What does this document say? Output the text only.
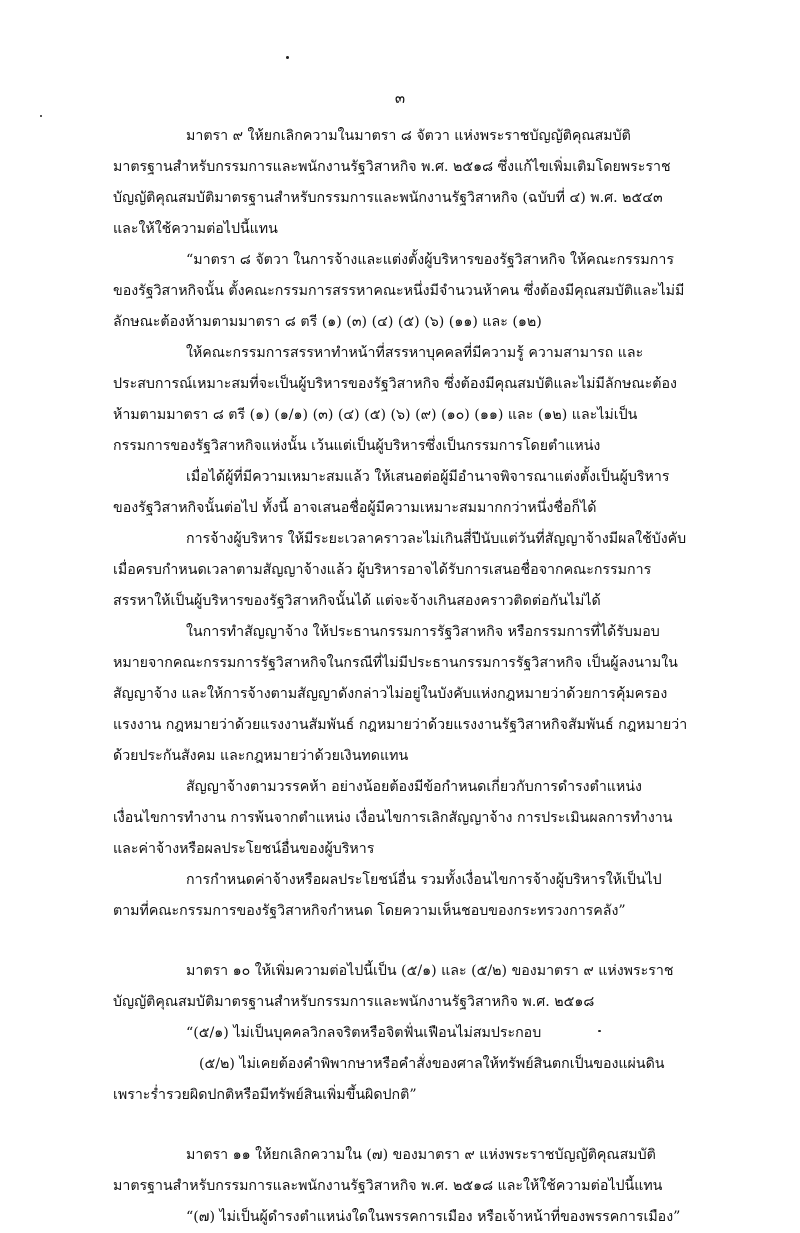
๓

มาตรา ๙ ให้ยกเลิกความในมาตรา ๘ จัตวา แห่งพระราชบัญญัติคุณสมบัติมาตรฐานสำหรับกรรมการและพนักงานรัฐวิสาหกิจ พ.ศ. ๒๕๑๘ ซึ่งแก้ไขเพิ่มเติมโดยพระราชบัญญัติคุณสมบัติมาตรฐานสำหรับกรรมการและพนักงานรัฐวิสาหกิจ (ฉบับที่ ๔) พ.ศ. ๒๕๔๓ และให้ใช้ความต่อไปนี้แทน

“มาตรา ๘ จัตวา ในการจ้างและแต่งตั้งผู้บริหารของรัฐวิสาหกิจ ให้คณะกรรมการของรัฐวิสาหกิจนั้น ตั้งคณะกรรมการสรรหาคณะหนึ่งมีจำนวนห้าคน ซึ่งต้องมีคุณสมบัติและไม่มีลักษณะต้องห้ามตามมาตรา ๘ ตรี (๑) (๓) (๔) (๕) (๖) (๑๑) และ (๑๒)

ให้คณะกรรมการสรรหาทำหน้าที่สรรหาบุคคลที่มีความรู้ ความสามารถ และประสบการณ์เหมาะสมที่จะเป็นผู้บริหารของรัฐวิสาหกิจ ซึ่งต้องมีคุณสมบัติและไม่มีลักษณะต้องห้ามตามมาตรา ๘ ตรี (๑) (๑/๑) (๓) (๔) (๕) (๖) (๙) (๑๐) (๑๑) และ (๑๒) และไม่เป็นกรรมการของรัฐวิสาหกิจแห่งนั้น เว้นแต่เป็นผู้บริหารซึ่งเป็นกรรมการโดยตำแหน่ง

เมื่อได้ผู้ที่มีความเหมาะสมแล้ว ให้เสนอต่อผู้มีอำนาจพิจารณาแต่งตั้งเป็นผู้บริหารของรัฐวิสาหกิจนั้นต่อไป ทั้งนี้ อาจเสนอชื่อผู้มีความเหมาะสมมากกว่าหนึ่งชื่อก็ได้

การจ้างผู้บริหาร ให้มีระยะเวลาคราวละไม่เกินสี่ปีนับแต่วันที่สัญญาจ้างมีผลใช้บังคับ เมื่อครบกำหนดเวลาตามสัญญาจ้างแล้ว ผู้บริหารอาจได้รับการเสนอชื่อจากคณะกรรมการสรรหาให้เป็นผู้บริหารของรัฐวิสาหกิจนั้นได้ แต่จะจ้างเกินสองคราวติดต่อกันไม่ได้

ในการทำสัญญาจ้าง ให้ประธานกรรมการรัฐวิสาหกิจ หรือกรรมการที่ได้รับมอบหมายจากคณะกรรมการรัฐวิสาหกิจในกรณีที่ไม่มีประธานกรรมการรัฐวิสาหกิจ เป็นผู้ลงนามในสัญญาจ้าง และให้การจ้างตามสัญญาดังกล่าวไม่อยู่ในบังคับแห่งกฎหมายว่าด้วยการคุ้มครองแรงงาน กฎหมายว่าด้วยแรงงานสัมพันธ์ กฎหมายว่าด้วยแรงงานรัฐวิสาหกิจสัมพันธ์ กฎหมายว่าด้วยประกันสังคม และกฎหมายว่าด้วยเงินทดแทน

สัญญาจ้างตามวรรคห้า อย่างน้อยต้องมีข้อกำหนดเกี่ยวกับการดำรงตำแหน่ง เงื่อนไขการทำงาน การพ้นจากตำแหน่ง เงื่อนไขการเลิกสัญญาจ้าง การประเมินผลการทำงาน และค่าจ้างหรือผลประโยชน์อื่นของผู้บริหาร

การกำหนดค่าจ้างหรือผลประโยชน์อื่น รวมทั้งเงื่อนไขการจ้างผู้บริหารให้เป็นไปตามที่คณะกรรมการของรัฐวิสาหกิจกำหนด โดยความเห็นชอบของกระทรวงการคลัง”

มาตรา ๑๐ ให้เพิ่มความต่อไปนี้เป็น (๕/๑) และ (๕/๒) ของมาตรา ๙ แห่งพระราชบัญญัติคุณสมบัติมาตรฐานสำหรับกรรมการและพนักงานรัฐวิสาหกิจ พ.ศ. ๒๕๑๘

“(๕/๑) ไม่เป็นบุคคลวิกลจริตหรือจิตฟั่นเฟือนไม่สมประกอบ

(๕/๒) ไม่เคยต้องคำพิพากษาหรือคำสั่งของศาลให้ทรัพย์สินตกเป็นของแผ่นดินเพราะร่ำรวยผิดปกติหรือมีทรัพย์สินเพิ่มขึ้นผิดปกติ”

มาตรา ๑๑ ให้ยกเลิกความใน (๗) ของมาตรา ๙ แห่งพระราชบัญญัติคุณสมบัติมาตรฐานสำหรับกรรมการและพนักงานรัฐวิสาหกิจ พ.ศ. ๒๕๑๘ และให้ใช้ความต่อไปนี้แทน

“(๗) ไม่เป็นผู้ดำรงตำแหน่งใดในพรรคการเมือง หรือเจ้าหน้าที่ของพรรคการเมือง”
